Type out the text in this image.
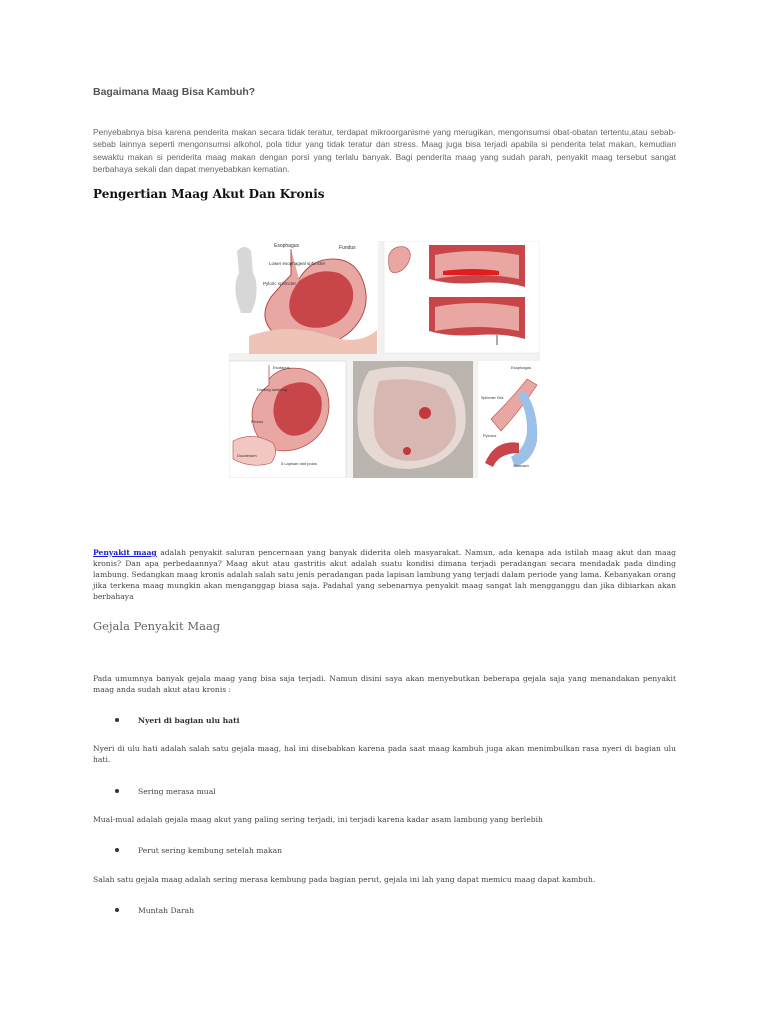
Bagaimana Maag Bisa Kambuh?

Penyebabnya bisa karena penderita makan secara tidak teratur, terdapat mikroorganisme yang merugikan, mengonsumsi obat-obatan tertentu,atau sebab-sebab lainnya seperti mengonsumsi alkohol, pola tidur yang tidak teratur dan stress. Maag juga bisa terjadi apabila si penderita telat makan, kemudian sewaktu makan si penderita maag makan dengan porsi yang terlalu banyak. Bagi penderita maag yang sudah parah, penyakit maag tersebut sangat berbahaya sekali dan dapat menyebabkan kematian.

Pengertian Maag Akut Dan Kronis
Esophagus	Fundus
Lower esophageal sphincter
Pyloric sphincter
Esofagus
Dinding lambung
Pilorus
Duodenum
5 Lapisan otot polos
Esophagus
Sphincter Otot
Pylorus
Stomach

Penyakit maag adalah penyakit saluran pencernaan yang banyak diderita oleh masyarakat. Namun, ada kenapa ada istilah maag akut dan maag kronis? Dan apa perbedaannya? Maag akut atau gastritis akut adalah suatu kondisi dimana terjadi peradangan secara mendadak pada dinding lambung. Sedangkan maag kronis adalah salah satu jenis peradangan pada lapisan lambung yang terjadi dalam periode yang lama. Kebanyakan orang jika terkena maag mungkin akan menganggap biasa saja. Padahal yang sebenarnya penyakit maag sangat lah mengganggu dan jika dibiarkan akan berbahaya

Gejala Penyakit Maag

Pada umumnya banyak gejala maag yang bisa saja terjadi. Namun disini saya akan menyebutkan beberapa gejala saja yang menandakan penyakit maag anda sudah akut atau kronis :

Nyeri di bagian ulu hati

Nyeri di ulu hati adalah salah satu gejala maag, hal ini disebabkan karena pada saat maag kambuh juga akan menimbulkan rasa nyeri di bagian ulu hati.

Sering merasa mual

Mual-mual adalah gejala maag akut yang paling sering terjadi, ini terjadi karena kadar asam lambung yang berlebih

Perut sering kembung setelah makan

Salah satu gejala maag adalah sering merasa kembung pada bagian perut, gejala ini lah yang dapat memicu maag dapat kambuh.

Muntah Darah
